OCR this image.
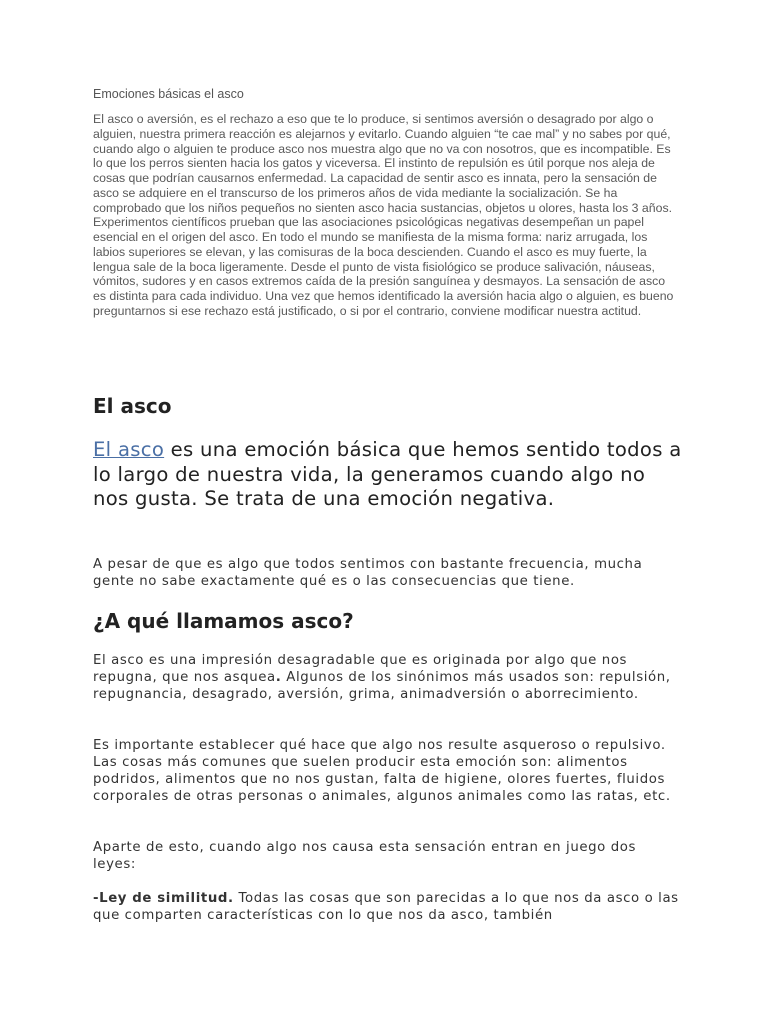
Emociones básicas el asco

El asco o aversión, es el rechazo a eso que te lo produce, si sentimos aversión o desagrado por algo o alguien, nuestra primera reacción es alejarnos y evitarlo. Cuando alguien “te cae mal” y no sabes por qué, cuando algo o alguien te produce asco nos muestra algo que no va con nosotros, que es incompatible. Es lo que los perros sienten hacia los gatos y viceversa. El instinto de repulsión es útil porque nos aleja de cosas que podrían causarnos enfermedad. La capacidad de sentir asco es innata, pero la sensación de asco se adquiere en el transcurso de los primeros años de vida mediante la socialización. Se ha comprobado que los niños pequeños no sienten asco hacia sustancias, objetos u olores, hasta los 3 años. Experimentos científicos prueban que las asociaciones psicológicas negativas desempeñan un papel esencial en el origen del asco. En todo el mundo se manifiesta de la misma forma: nariz arrugada, los labios superiores se elevan, y las comisuras de la boca descienden. Cuando el asco es muy fuerte, la lengua sale de la boca ligeramente. Desde el punto de vista fisiológico se produce salivación, náuseas, vómitos, sudores y en casos extremos caída de la presión sanguínea y desmayos. La sensación de asco es distinta para cada individuo. Una vez que hemos identificado la aversión hacia algo o alguien, es bueno preguntarnos si ese rechazo está justificado, o si por el contrario, conviene modificar nuestra actitud.

El asco

El asco es una emoción básica que hemos sentido todos a lo largo de nuestra vida, la generamos cuando algo no nos gusta. Se trata de una emoción negativa.

A pesar de que es algo que todos sentimos con bastante frecuencia, mucha gente no sabe exactamente qué es o las consecuencias que tiene.

¿A qué llamamos asco?

El asco es una impresión desagradable que es originada por algo que nos repugna, que nos asquea. Algunos de los sinónimos más usados son: repulsión, repugnancia, desagrado, aversión, grima, animadversión o aborrecimiento.

Es importante establecer qué hace que algo nos resulte asqueroso o repulsivo. Las cosas más comunes que suelen producir esta emoción son: alimentos podridos, alimentos que no nos gustan, falta de higiene, olores fuertes, fluidos corporales de otras personas o animales, algunos animales como las ratas, etc.

Aparte de esto, cuando algo nos causa esta sensación entran en juego dos leyes:

-Ley de similitud. Todas las cosas que son parecidas a lo que nos da asco o las que comparten características con lo que nos da asco, también
